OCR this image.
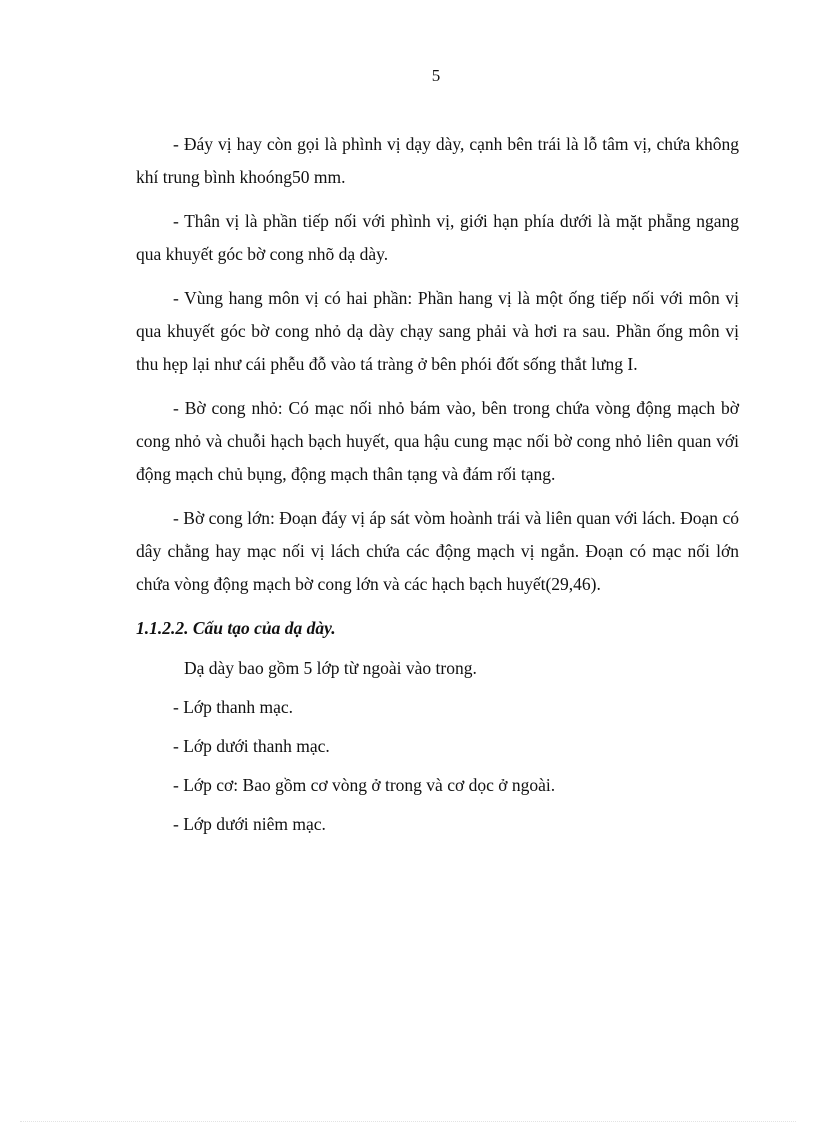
5

- Đáy vị hay còn gọi là phình vị dạy dày, cạnh bên trái là lỗ tâm vị, chứa không khí trung bình khoóng50 mm.

- Thân vị là phần tiếp nối với phình vị, giới hạn phía dưới là mặt phẵng ngang qua khuyết góc bờ cong nhõ dạ dày.

- Vùng hang môn vị có hai phần: Phần hang vị là một ống tiếp nối với môn vị qua khuyết góc bờ cong nhỏ dạ dày chạy sang phải và hơi ra sau. Phần ống môn vị thu hẹp lại như cái phễu đỗ vào tá tràng ở bên phói đốt sống thắt lưng I.

- Bờ cong nhỏ: Có mạc nối nhỏ bám vào, bên trong chứa vòng động mạch bờ cong nhỏ và chuỗi hạch bạch huyết, qua hậu cung mạc nối bờ cong nhỏ liên quan với động mạch chủ bụng, động mạch thân tạng và đám rối tạng.

- Bờ cong lớn: Đoạn đáy vị áp sát vòm hoành trái và liên quan với lách. Đoạn có dây chằng hay mạc nối vị lách chứa các động mạch vị ngắn. Đoạn có mạc nối lớn chứa vòng động mạch bờ cong lớn và các hạch bạch huyết(29,46).

1.1.2.2. Cấu tạo của dạ dày.

Dạ dày bao gồm 5 lớp từ ngoài vào trong.

- Lớp thanh mạc.

- Lớp dưới thanh mạc.

- Lớp cơ: Bao gồm cơ vòng ở trong và cơ dọc ở ngoài.

- Lớp dưới niêm mạc.
